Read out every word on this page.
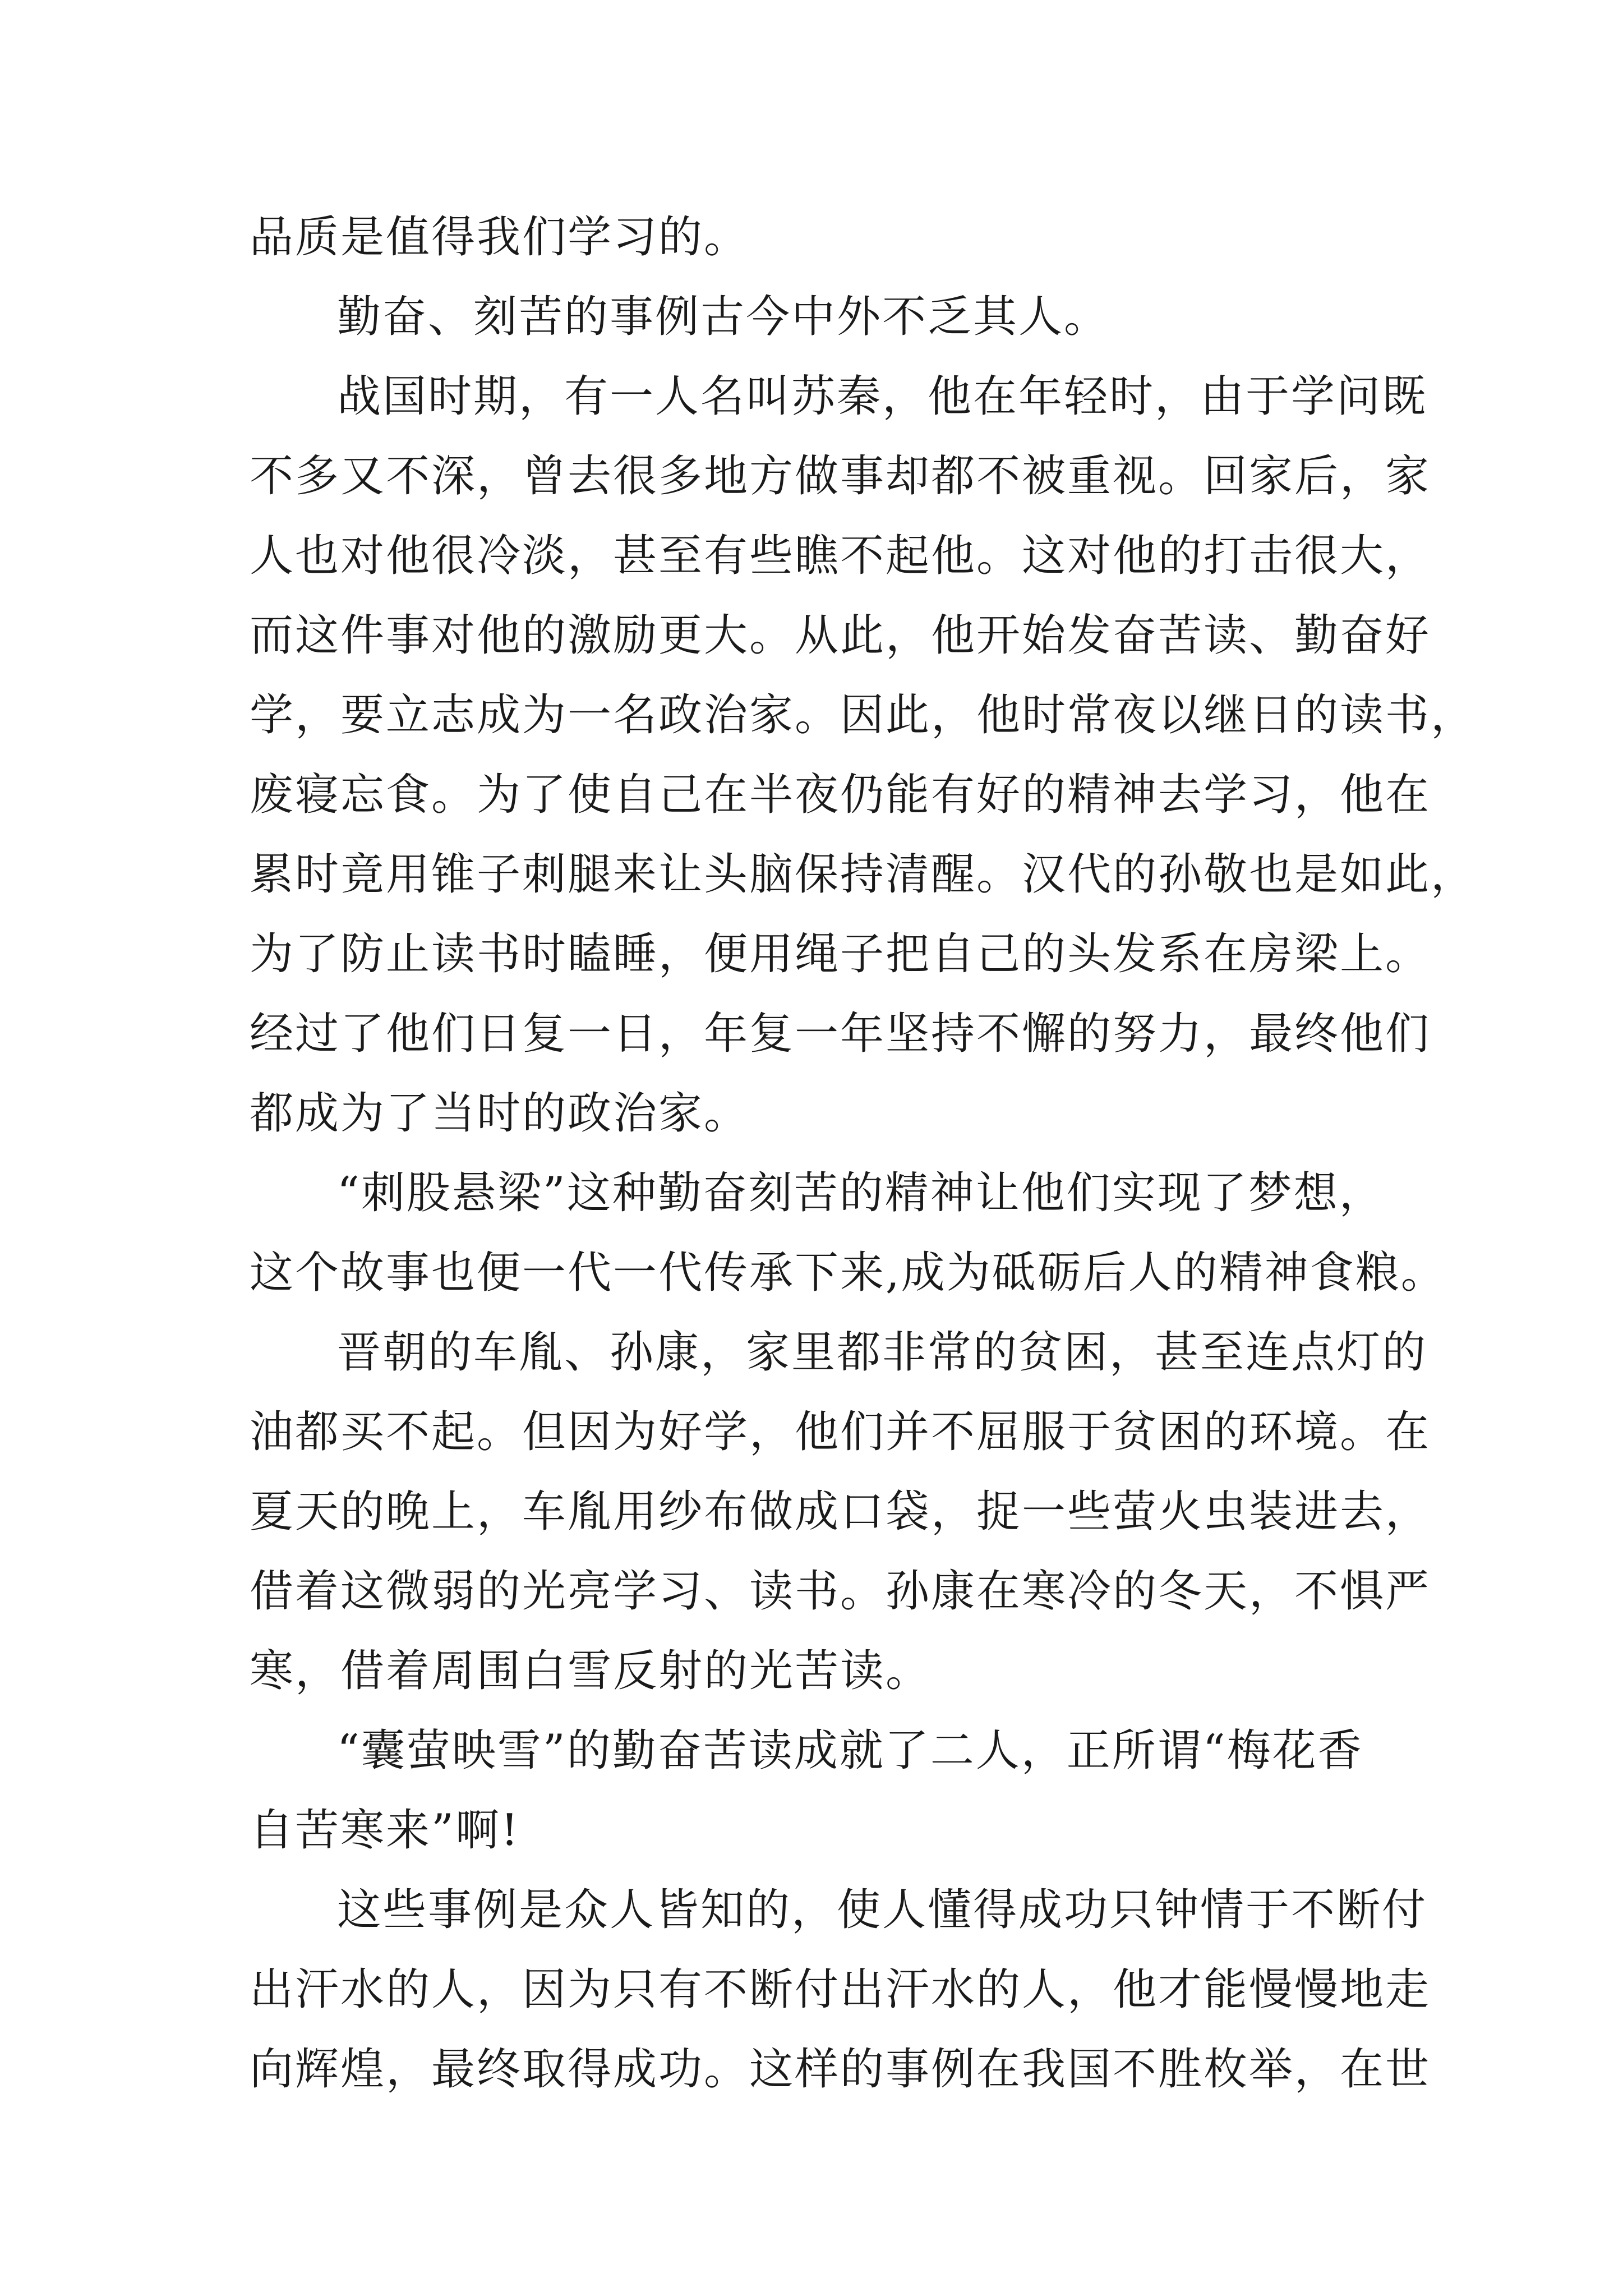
品质是值得我们学习的。
勤奋、刻苦的事例古今中外不乏其人。
战国时期，有一人名叫苏秦，他在年轻时，由于学问既
不多又不深，曾去很多地方做事却都不被重视。回家后，家
人也对他很冷淡，甚至有些瞧不起他。这对他的打击很大，
而这件事对他的激励更大。从此，他开始发奋苦读、勤奋好
学，要立志成为一名政治家。因此，他时常夜以继日的读书，
废寝忘食。为了使自己在半夜仍能有好的精神去学习，他在
累时竟用锥子刺腿来让头脑保持清醒。汉代的孙敬也是如此，
为了防止读书时瞌睡，便用绳子把自己的头发系在房梁上。
经过了他们日复一日，年复一年坚持不懈的努力，最终他们
都成为了当时的政治家。
“刺股悬梁”这种勤奋刻苦的精神让他们实现了梦想，
这个故事也便一代一代传承下来,成为砥砺后人的精神食粮。
晋朝的车胤、孙康，家里都非常的贫困，甚至连点灯的
油都买不起。但因为好学，他们并不屈服于贫困的环境。在
夏天的晚上，车胤用纱布做成口袋，捉一些萤火虫装进去，
借着这微弱的光亮学习、读书。孙康在寒冷的冬天，不惧严
寒，借着周围白雪反射的光苦读。
“囊萤映雪”的勤奋苦读成就了二人，正所谓“梅花香
自苦寒来”啊!
这些事例是众人皆知的，使人懂得成功只钟情于不断付
出汗水的人，因为只有不断付出汗水的人，他才能慢慢地走
向辉煌，最终取得成功。这样的事例在我国不胜枚举，在世
